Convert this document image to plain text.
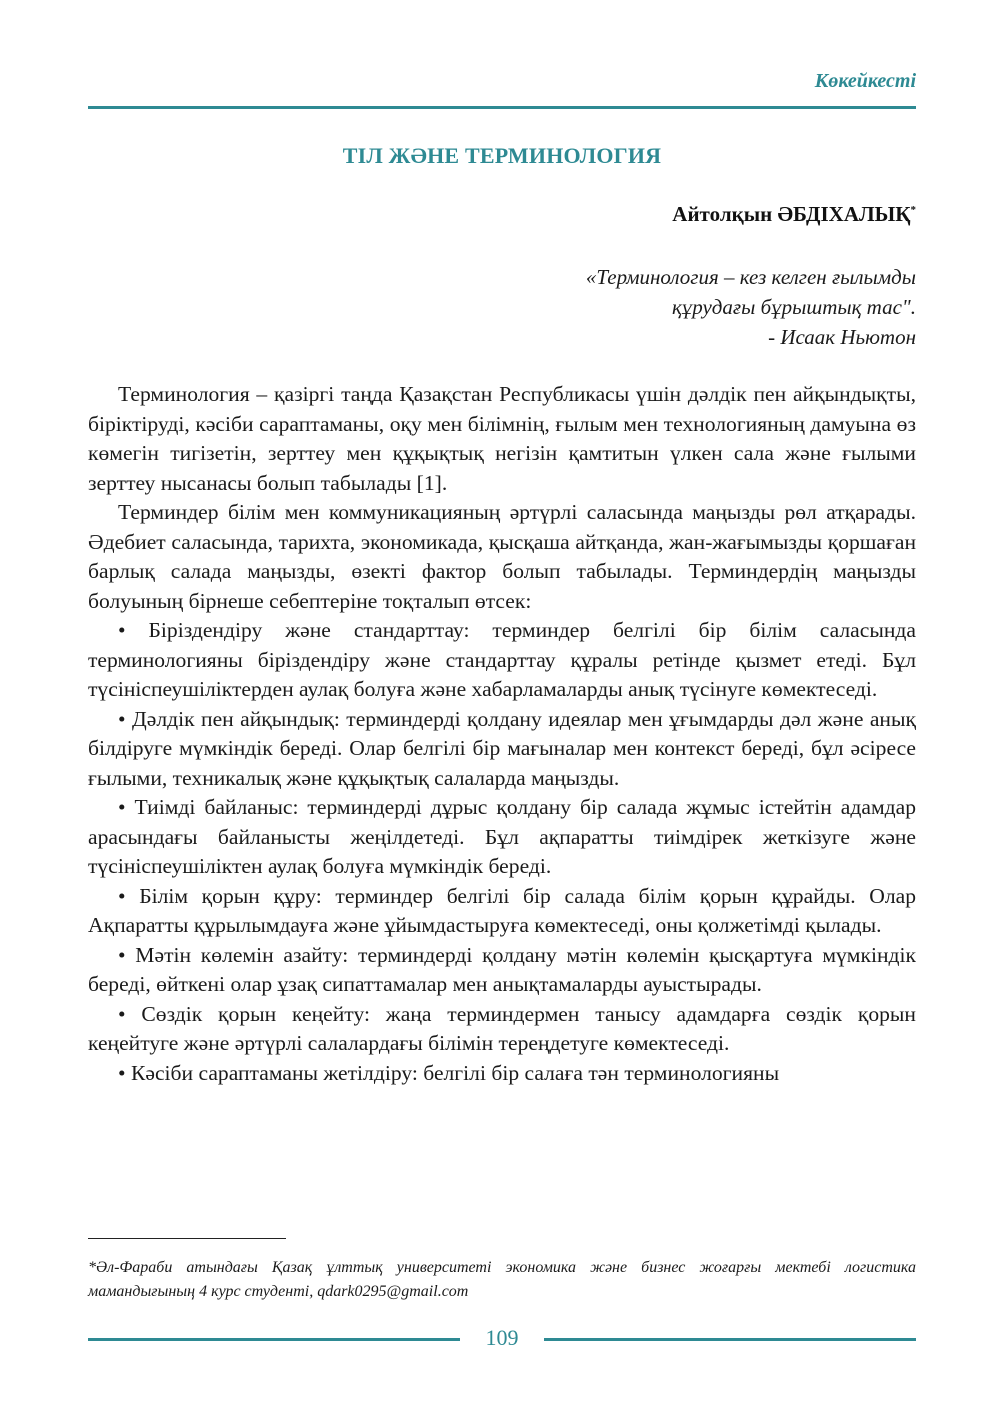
Көкейкесті
ТІЛ ЖӘНЕ ТЕРМИНОЛОГИЯ
Айтолқын ӘБДІХАЛЫҚ*
«Терминология – кез келген ғылымды
құрудағы бұрыштық тас".
- Исаак Ньютон

Терминология – қазіргі таңда Қазақстан Республикасы үшін дәлдік пен айқындықты, біріктіруді, кәсіби сараптаманы, оқу мен білімнің, ғылым мен технологияның дамуына өз көмегін тигізетін, зерттеу мен құқықтық негізін қамтитын үлкен сала және ғылыми зерттеу нысанасы болып табылады [1].

Терминдер білім мен коммуникацияның әртүрлі саласында маңызды рөл атқарады. Әдебиет саласында, тарихта, экономикада, қысқаша айтқанда, жан-жағымызды қоршаған барлық салада маңызды, өзекті фактор болып табылады. Терминдердің маңызды болуының бірнеше себептеріне тоқталып өтсек:

• Біріздендіру және стандарттау: терминдер белгілі бір білім саласында терминологияны біріздендіру және стандарттау құралы ретінде қызмет етеді. Бұл түсініспеушіліктерден аулақ болуға және хабарламаларды анық түсінуге көмектеседі.

• Дәлдік пен айқындық: терминдерді қолдану идеялар мен ұғымдарды дәл және анық білдіруге мүмкіндік береді. Олар белгілі бір мағыналар мен контекст береді, бұл әсіресе ғылыми, техникалық және құқықтық салаларда маңызды.

• Тиімді байланыс: терминдерді дұрыс қолдану бір салада жұмыс істейтін адамдар арасындағы байланысты жеңілдетеді. Бұл ақпаратты тиімдірек жеткізуге және түсініспеушіліктен аулақ болуға мүмкіндік береді.

• Білім қорын құру: терминдер белгілі бір салада білім қорын құрайды. Олар Ақпаратты құрылымдауға және ұйымдастыруға көмектеседі, оны қолжетімді қылады.

• Мәтін көлемін азайту: терминдерді қолдану мәтін көлемін қысқартуға мүмкіндік береді, өйткені олар ұзақ сипаттамалар мен анықтамаларды ауыстырады.

• Сөздік қорын кеңейту: жаңа терминдермен танысу адамдарға сөздік қорын кеңейтуге және әртүрлі салалардағы білімін тереңдетуге көмектеседі.

• Кәсіби сараптаманы жетілдіру: белгілі бір салаға тән терминологияны

*Әл-Фараби атындағы Қазақ ұлттық университеті экономика және бизнес жоғарғы мектебі логистика мамандығының 4 курс студенті, qdark0295@gmail.com
109
